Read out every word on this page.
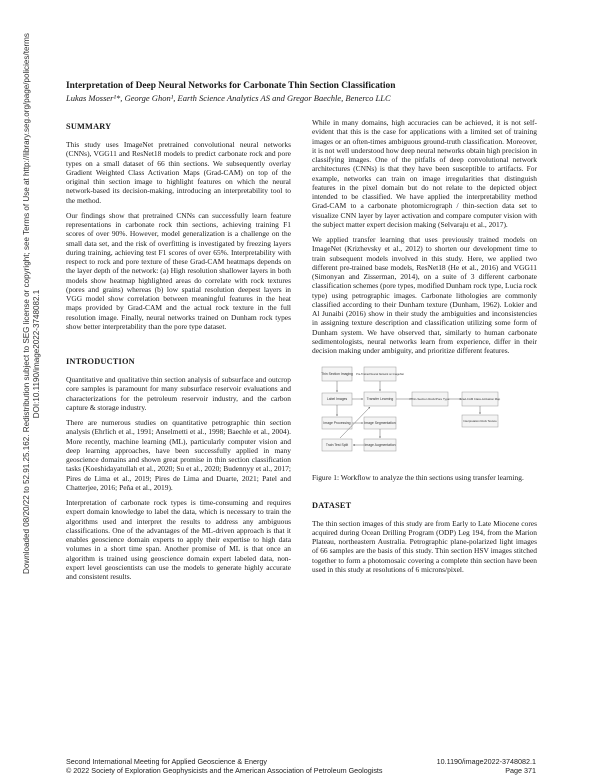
Downloaded 08/20/22 to 52.91.25.162. Redistribution subject to SEG license or copyright; see Terms of Use at http://library.seg.org/page/policies/terms DOI:10.1190/image2022-3748082.1
Interpretation of Deep Neural Networks for Carbonate Thin Section Classification
Lukas Mosser¹*, George Ghon¹, Earth Science Analytics AS and Gregor Baechle, Benerco LLC
SUMMARY

This study uses ImageNet pretrained convolutional neural networks (CNNs), VGG11 and ResNet18 models to predict carbonate rock and pore types on a small dataset of 66 thin sections. We subsequently overlay Gradient Weighted Class Activation Maps (Grad-CAM) on top of the original thin section image to highlight features on which the neural network-based its decision-making, introducing an interpretability tool to the method.

Our findings show that pretrained CNNs can successfully learn feature representations in carbonate rock thin sections, achieving training F1 scores of over 90%. However, model generalization is a challenge on the small data set, and the risk of overfitting is investigated by freezing layers during training, achieving test F1 scores of over 65%. Interpretability with respect to rock and pore texture of these Grad-CAM heatmaps depends on the layer depth of the network: (a) High resolution shallower layers in both models show heatmap highlighted areas do correlate with rock textures (pores and grains) whereas (b) low spatial resolution deepest layers in VGG model show correlation between meaningful features in the heat maps provided by Grad-CAM and the actual rock texture in the full resolution image. Finally, neural networks trained on Dunham rock types show better interpretability than the pore type dataset.

INTRODUCTION

Quantitative and qualitative thin section analysis of subsurface and outcrop core samples is paramount for many subsurface reservoir evaluations and characterizations for the petroleum reservoir industry, and the carbon capture & storage industry.

There are numerous studies on quantitative petrographic thin section analysis (Ehrlich et al., 1991; Anselmetti et al., 1998; Baechle et al., 2004). More recently, machine learning (ML), particularly computer vision and deep learning approaches, have been successfully applied in many geoscience domains and shown great promise in thin section classification tasks (Koeshidayatullah et al., 2020; Su et al., 2020; Budennyy et al., 2017; Pires de Lima et al., 2019; Pires de Lima and Duarte, 2021; Patel and Chatterjee, 2016; Peña et al., 2019).

Interpretation of carbonate rock types is time-consuming and requires expert domain knowledge to label the data, which is necessary to train the algorithms used and interpret the results to address any ambiguous classifications. One of the advantages of the ML-driven approach is that it enables geoscience domain experts to apply their expertise to high data volumes in a short time span. Another promise of ML is that once an algorithm is trained using geoscience domain expert labeled data, non-expert level geoscientists can use the models to generate highly accurate and consistent results.

While in many domains, high accuracies can be achieved, it is not self-evident that this is the case for applications with a limited set of training images or an often-times ambiguous ground-truth classification. Moreover, it is not well understood how deep neural networks obtain high precision in classifying images. One of the pitfalls of deep convolutional network architectures (CNNs) is that they have been susceptible to artifacts. For example, networks can train on image irregularities that distinguish features in the pixel domain but do not relate to the depicted object intended to be classified. We have applied the interpretability method Grad-CAM to a carbonate photomicrograph / thin-section data set to visualize CNN layer by layer activation and compare computer vision with the subject matter expert decision making (Selvaraju et al., 2017).

We applied transfer learning that uses previously trained models on ImageNet (Krizhevsky et al., 2012) to shorten our development time to train subsequent models involved in this study. Here, we applied two different pre-trained base models, ResNet18 (He et al., 2016) and VGG11 (Simonyan and Zisserman, 2014), on a suite of 3 different carbonate classification schemes (pore types, modified Dunham rock type, Lucia rock type) using petrographic images. Carbonate lithologies are commonly classified according to their Dunham texture (Dunham, 1962). Lokier and Al Junaibi (2016) show in their study the ambiguities and inconsistencies in assigning texture description and classification utilizing some form of Dunham system. We have observed that, similarly to human carbonate sedimentologists, neural networks learn from experience, differ in their decision making under ambiguity, and prioritize different features.

Thin Section Imaging Pre-Trained Neural Network on ImageNet
Label Images	Transfer Learning	Thin-Section Rock/Pore Type	Grad-CAM Class-Activation Map
Image Processing	Image Segmentation
Train Test Split	Image Augmentation
Interpretation Rock Texture

Figure 1: Workflow to analyze the thin sections using transfer learning.

DATASET

The thin section images of this study are from Early to Late Miocene cores acquired during Ocean Drilling Program (ODP) Leg 194, from the Marion Plateau, northeastern Australia. Petrographic plane-polarized light images of 66 samples are the basis of this study. Thin section HSV images stitched together to form a photomosaic covering a complete thin section have been used in this study at resolutions of 6 microns/pixel.

Second International Meeting for Applied Geoscience & Energy	10.1190/image2022-3748082.1
© 2022 Society of Exploration Geophysicists and the American Association of Petroleum Geologists	Page 371
